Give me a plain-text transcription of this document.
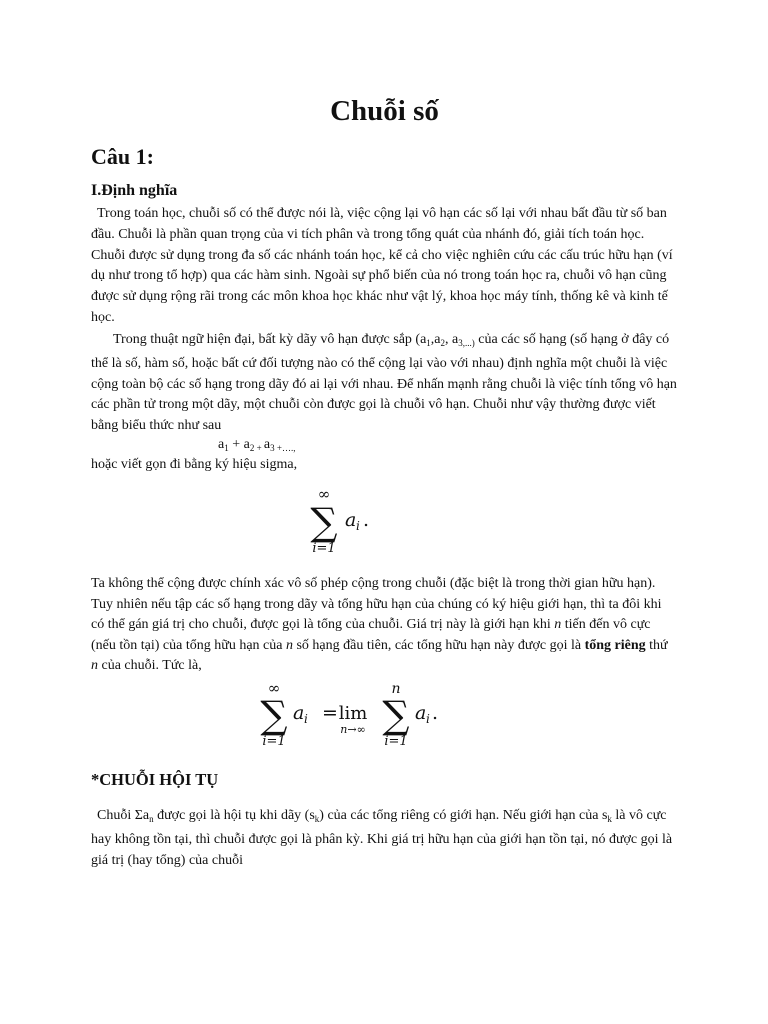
Chuỗi số
Câu 1:
I.Định nghĩa
Trong toán học, chuỗi số có thể được nói là, việc cộng lại vô hạn các số lại với nhau bất đầu từ số ban đầu. Chuỗi là phần quan trọng của vi tích phân và trong tổng quát của nhánh đó, giải tích toán học. Chuỗi được sử dụng trong đa số các nhánh toán học, kể cả cho việc nghiên cứu các cấu trúc hữu hạn (ví dụ như trong tổ hợp) qua các hàm sinh. Ngoài sự phổ biến của nó trong toán học ra, chuỗi vô hạn cũng được sử dụng rộng rãi trong các môn khoa học khác như vật lý, khoa học máy tính, thống kê và kinh tế học.
Trong thuật ngữ hiện đại, bất kỳ dãy vô hạn được sắp ($a_1,a_2$, $a_{3,...)}$ của các số hạng (số hạng ở đây có thể là số, hàm số, hoặc bất cứ đối tượng nào có thể cộng lại vào với nhau) định nghĩa một chuỗi là việc cộng toàn bộ các số hạng trong dãy đó ai lại với nhau. Để nhấn mạnh rằng chuỗi là việc tính tổng vô hạn các phần tử trong một dãy, một chuỗi còn được gọi là chuỗi vô hạn. Chuỗi như vậy thường được viết bằng biểu thức như sau
$a_1 + a_{2 +}$ $a_{3 +\dots.,}$
hoặc viết gọn đi bằng ký hiệu sigma,
∞
∑
i=1
a i .
Ta không thể cộng được chính xác vô số phép cộng trong chuỗi (đặc biệt là trong thời gian hữu hạn). Tuy nhiên nếu tập các số hạng trong dãy và tổng hữu hạn của chúng có ký hiệu giới hạn, thì ta đôi khi có thể gán giá trị cho chuỗi, được gọi là tổng của chuỗi. Giá trị này là giới hạn khi n tiến đến vô cực (nếu tồn tại) của tổng hữu hạn của n số hạng đầu tiên, các tổng hữu hạn này được gọi là tổng riêng thứ n của chuỗi. Tức là,
∞
∑
i=1
a i = lim
n→∞
n
∑
i=1
a i .
*CHUỖI HỘI TỤ
Chuỗi $\Sigma a_n$ được gọi là hội tụ khi dãy $(s_k)$ của các tổng riêng có giới hạn. Nếu giới hạn của $s_k$ là vô cực hay không tồn tại, thì chuỗi được gọi là phân kỳ. Khi giá trị hữu hạn của giới hạn tồn tại, nó được gọi là giá trị (hay tổng) của chuỗi
